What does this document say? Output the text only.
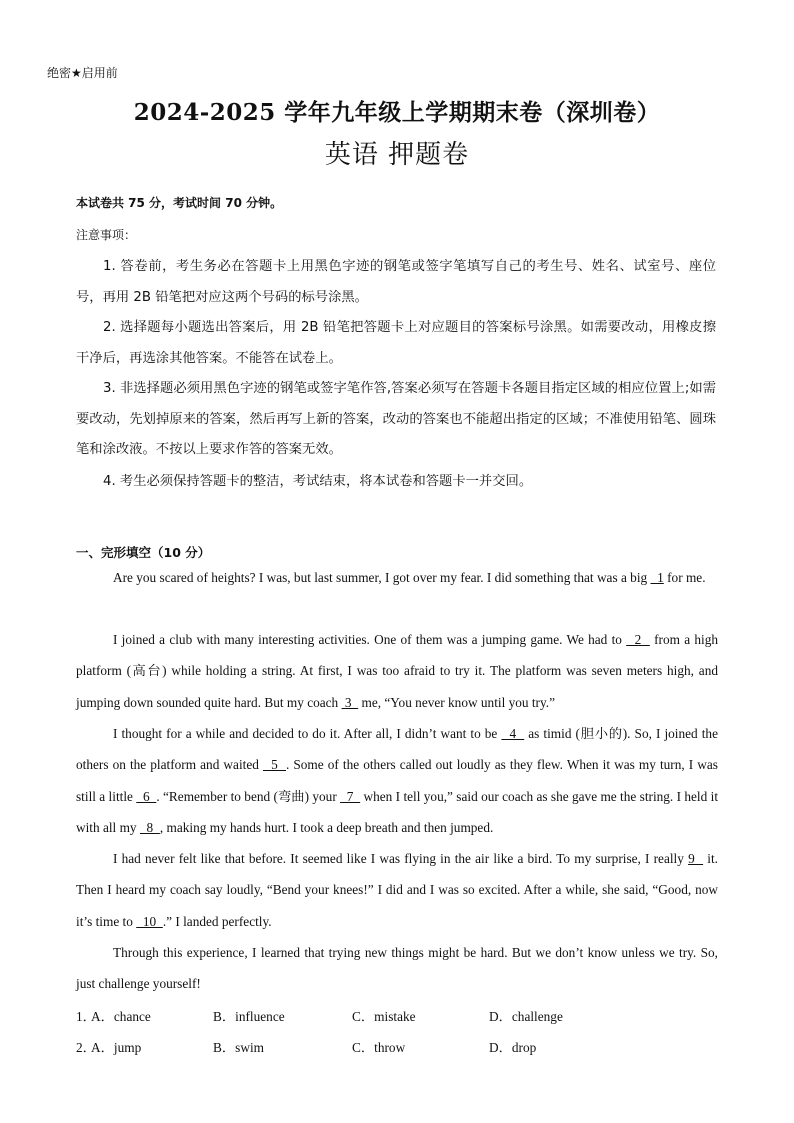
绝密★启用前
2024-2025 学年九年级上学期期末卷（深圳卷）
英语 押题卷
本试卷共 75 分，考试时间 70 分钟。
注意事项：
1. 答卷前，考生务必在答题卡上用黑色字迹的钢笔或签字笔填写自己的考生号、姓名、试室号、座位号，再用 2B 铅笔把对应这两个号码的标号涂黑。
2. 选择题每小题选出答案后，用 2B 铅笔把答题卡上对应题目的答案标号涂黑。如需要改动，用橡皮擦干净后，再选涂其他答案。不能答在试卷上。
3. 非选择题必须用黑色字迹的钢笔或签字笔作答,答案必须写在答题卡各题目指定区域的相应位置上;如需要改动，先划掉原来的答案，然后再写上新的答案，改动的答案也不能超出指定的区域；不准使用铅笔、圆珠笔和涂改液。不按以上要求作答的答案无效。
4. 考生必须保持答题卡的整洁，考试结束，将本试卷和答题卡一并交回。
一、完形填空（10 分）
Are you scared of heights? I was, but last summer, I got over my fear. I did something that was a big   1 for me.
I joined a club with many interesting activities. One of them was a jumping game. We had to   2   from a high platform (高台) while holding a string. At first, I was too afraid to try it. The platform was seven meters high, and jumping down sounded quite hard. But my coach  3   me, “You never know until you try.”
I thought for a while and decided to do it. After all, I didn’t want to be   4   as timid (胆小的). So, I joined the others on the platform and waited   5  . Some of the others called out loudly as they flew. When it was my turn, I was still a little   6  . “Remember to bend (弯曲) your   7   when I tell you,” said our coach as she gave me the string. I held it with all my   8  , making my hands hurt. I took a deep breath and then jumped.
I had never felt like that before. It seemed like I was flying in the air like a bird. To my surprise, I really 9   it. Then I heard my coach say loudly, “Bend your knees!” I did and I was so excited. After a while, she said, “Good, now it’s time to   10  .” I landed perfectly.
Through this experience, I learned that trying new things might be hard. But we don’t know unless we try. So, just challenge yourself!
1．
A．chance	B．influence	C．mistake	D．challenge
2．
A．jump	B．swim	C．throw	D．drop
